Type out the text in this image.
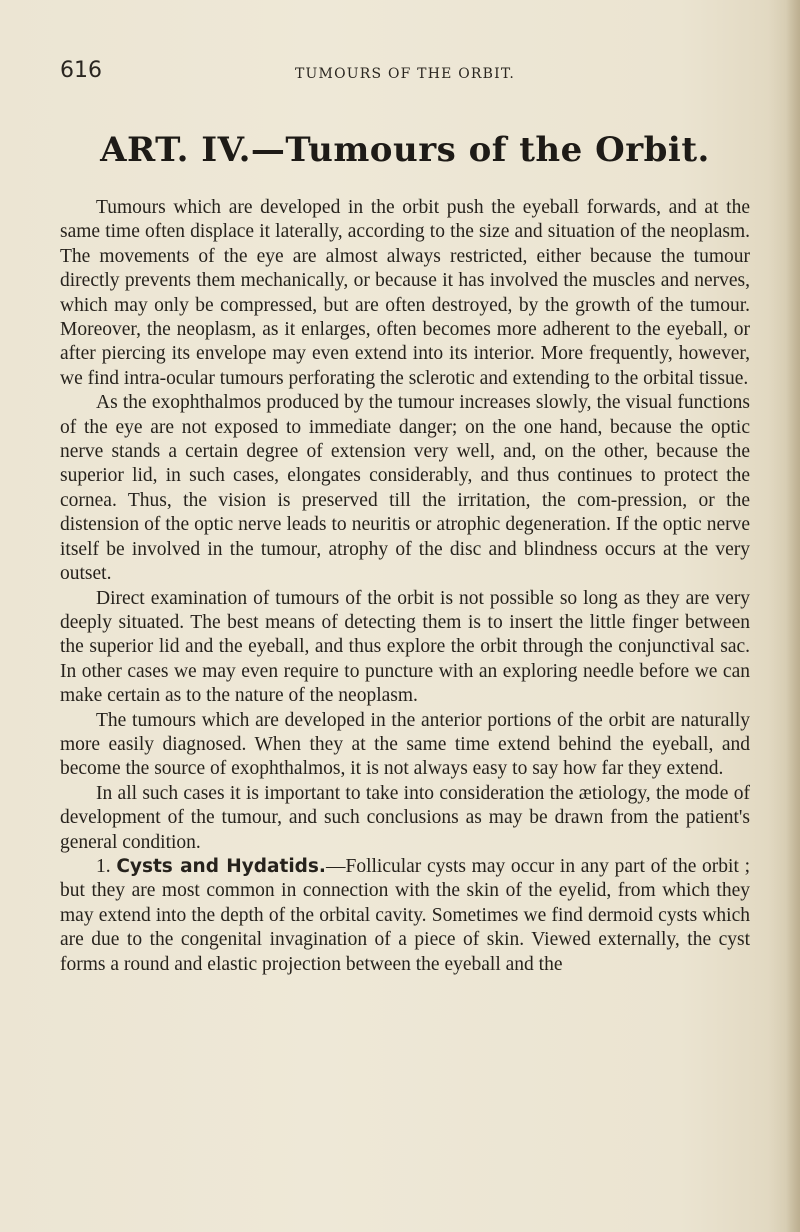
616	TUMOURS OF THE ORBIT.
ART. IV.—Tumours of the Orbit.

Tumours which are developed in the orbit push the eyeball forwards, and at the same time often displace it laterally, according to the size and situation of the neoplasm. The movements of the eye are almost always restricted, either because the tumour directly prevents them mechanically, or because it has involved the muscles and nerves, which may only be compressed, but are often destroyed, by the growth of the tumour. Moreover, the neoplasm, as it enlarges, often becomes more adherent to the eyeball, or after piercing its envelope may even extend into its interior. More frequently, however, we find intra-ocular tumours perforating the sclerotic and extending to the orbital tissue.

As the exophthalmos produced by the tumour increases slowly, the visual functions of the eye are not exposed to immediate danger; on the one hand, because the optic nerve stands a certain degree of extension very well, and, on the other, because the superior lid, in such cases, elongates considerably, and thus continues to protect the cornea. Thus, the vision is preserved till the irritation, the com-pression, or the distension of the optic nerve leads to neuritis or atrophic degeneration. If the optic nerve itself be involved in the tumour, atrophy of the disc and blindness occurs at the very outset.

Direct examination of tumours of the orbit is not possible so long as they are very deeply situated. The best means of detecting them is to insert the little finger between the superior lid and the eyeball, and thus explore the orbit through the conjunctival sac. In other cases we may even require to puncture with an exploring needle before we can make certain as to the nature of the neoplasm.

The tumours which are developed in the anterior portions of the orbit are naturally more easily diagnosed. When they at the same time extend behind the eyeball, and become the source of exophthalmos, it is not always easy to say how far they extend.

In all such cases it is important to take into consideration the ætiology, the mode of development of the tumour, and such conclusions as may be drawn from the patient's general condition.

1. Cysts and Hydatids.—Follicular cysts may occur in any part of the orbit ; but they are most common in connection with the skin of the eyelid, from which they may extend into the depth of the orbital cavity. Sometimes we find dermoid cysts which are due to the congenital invagination of a piece of skin. Viewed externally, the cyst forms a round and elastic projection between the eyeball and the
